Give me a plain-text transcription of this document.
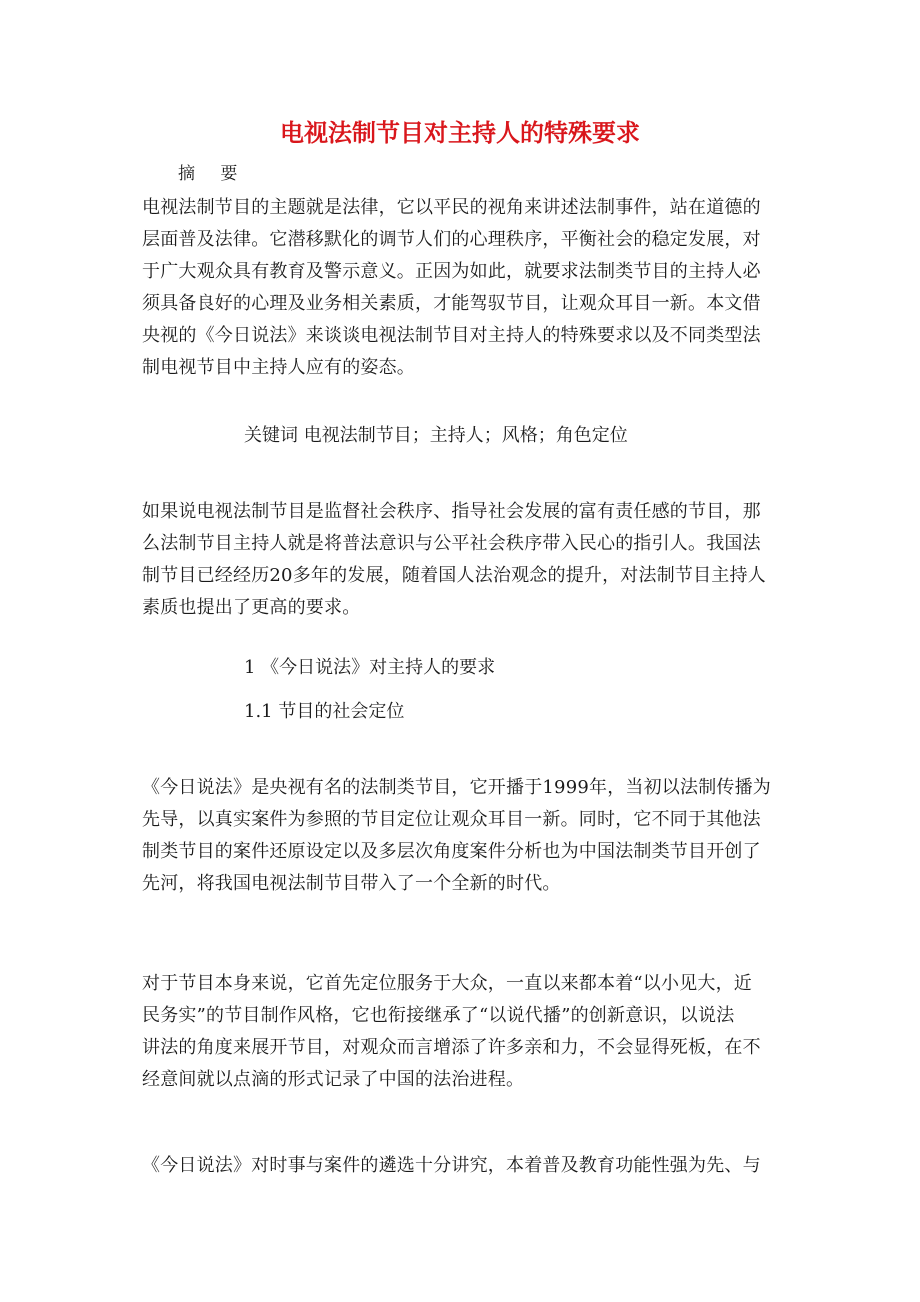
电视法制节目对主持人的特殊要求

摘 要

电视法制节目的主题就是法律，它以平民的视角来讲述法制事件，站在道德的
层面普及法律。它潜移默化的调节人们的心理秩序，平衡社会的稳定发展，对
于广大观众具有教育及警示意义。正因为如此，就要求法制类节目的主持人必
须具备良好的心理及业务相关素质，才能驾驭节目，让观众耳目一新。本文借
央视的《今日说法》来谈谈电视法制节目对主持人的特殊要求以及不同类型法
制电视节目中主持人应有的姿态。

关键词 电视法制节目；主持人；风格；角色定位

如果说电视法制节目是监督社会秩序、指导社会发展的富有责任感的节目，那
么法制节目主持人就是将普法意识与公平社会秩序带入民心的指引人。我国法
制节目已经经历20多年的发展，随着国人法治观念的提升，对法制节目主持人
素质也提出了更高的要求。

1 《今日说法》对主持人的要求

1.1 节目的社会定位

《今日说法》是央视有名的法制类节目，它开播于1999年，当初以法制传播为
先导，以真实案件为参照的节目定位让观众耳目一新。同时，它不同于其他法
制类节目的案件还原设定以及多层次角度案件分析也为中国法制类节目开创了
先河，将我国电视法制节目带入了一个全新的时代。

对于节目本身来说，它首先定位服务于大众，一直以来都本着“以小见大，近
民务实”的节目制作风格，它也衔接继承了“以说代播”的创新意识，以说法
讲法的角度来展开节目，对观众而言增添了许多亲和力，不会显得死板，在不
经意间就以点滴的形式记录了中国的法治进程。

《今日说法》对时事与案件的遴选十分讲究，本着普及教育功能性强为先、与
